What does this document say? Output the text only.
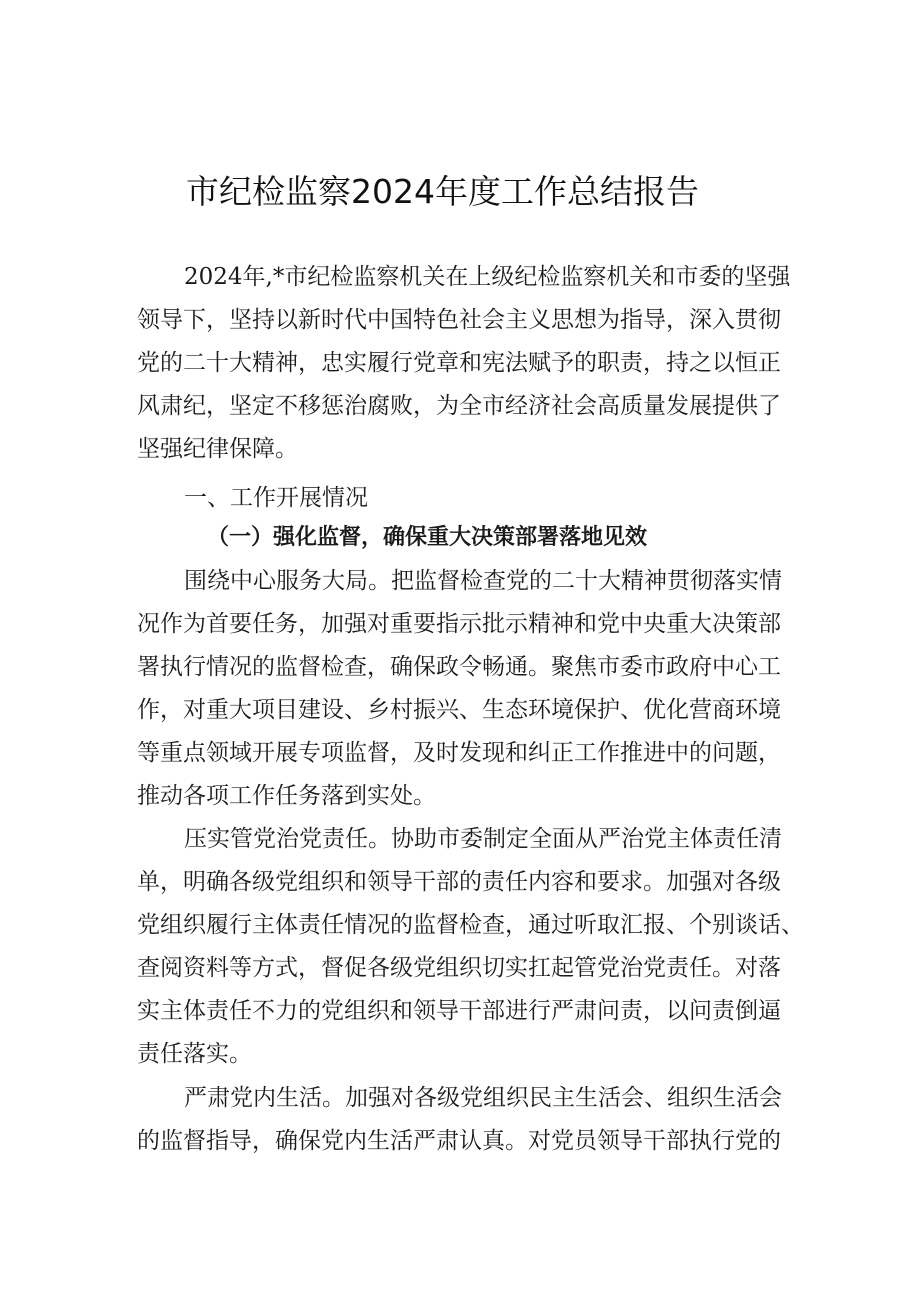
市纪检监察2024年度工作总结报告
2024年,*市纪检监察机关在上级纪检监察机关和市委的坚强
领导下，坚持以新时代中国特色社会主义思想为指导，深入贯彻
党的二十大精神，忠实履行党章和宪法赋予的职责，持之以恒正
风肃纪，坚定不移惩治腐败，为全市经济社会高质量发展提供了
坚强纪律保障。
一、工作开展情况
（一）强化监督，确保重大决策部署落地见效
围绕中心服务大局。把监督检查党的二十大精神贯彻落实情
况作为首要任务，加强对重要指示批示精神和党中央重大决策部
署执行情况的监督检查，确保政令畅通。聚焦市委市政府中心工
作，对重大项目建设、乡村振兴、生态环境保护、优化营商环境
等重点领域开展专项监督，及时发现和纠正工作推进中的问题，
推动各项工作任务落到实处。
压实管党治党责任。协助市委制定全面从严治党主体责任清
单，明确各级党组织和领导干部的责任内容和要求。加强对各级
党组织履行主体责任情况的监督检查，通过听取汇报、个别谈话、
查阅资料等方式，督促各级党组织切实扛起管党治党责任。对落
实主体责任不力的党组织和领导干部进行严肃问责，以问责倒逼
责任落实。
严肃党内生活。加强对各级党组织民主生活会、组织生活会
的监督指导，确保党内生活严肃认真。对党员领导干部执行党的
